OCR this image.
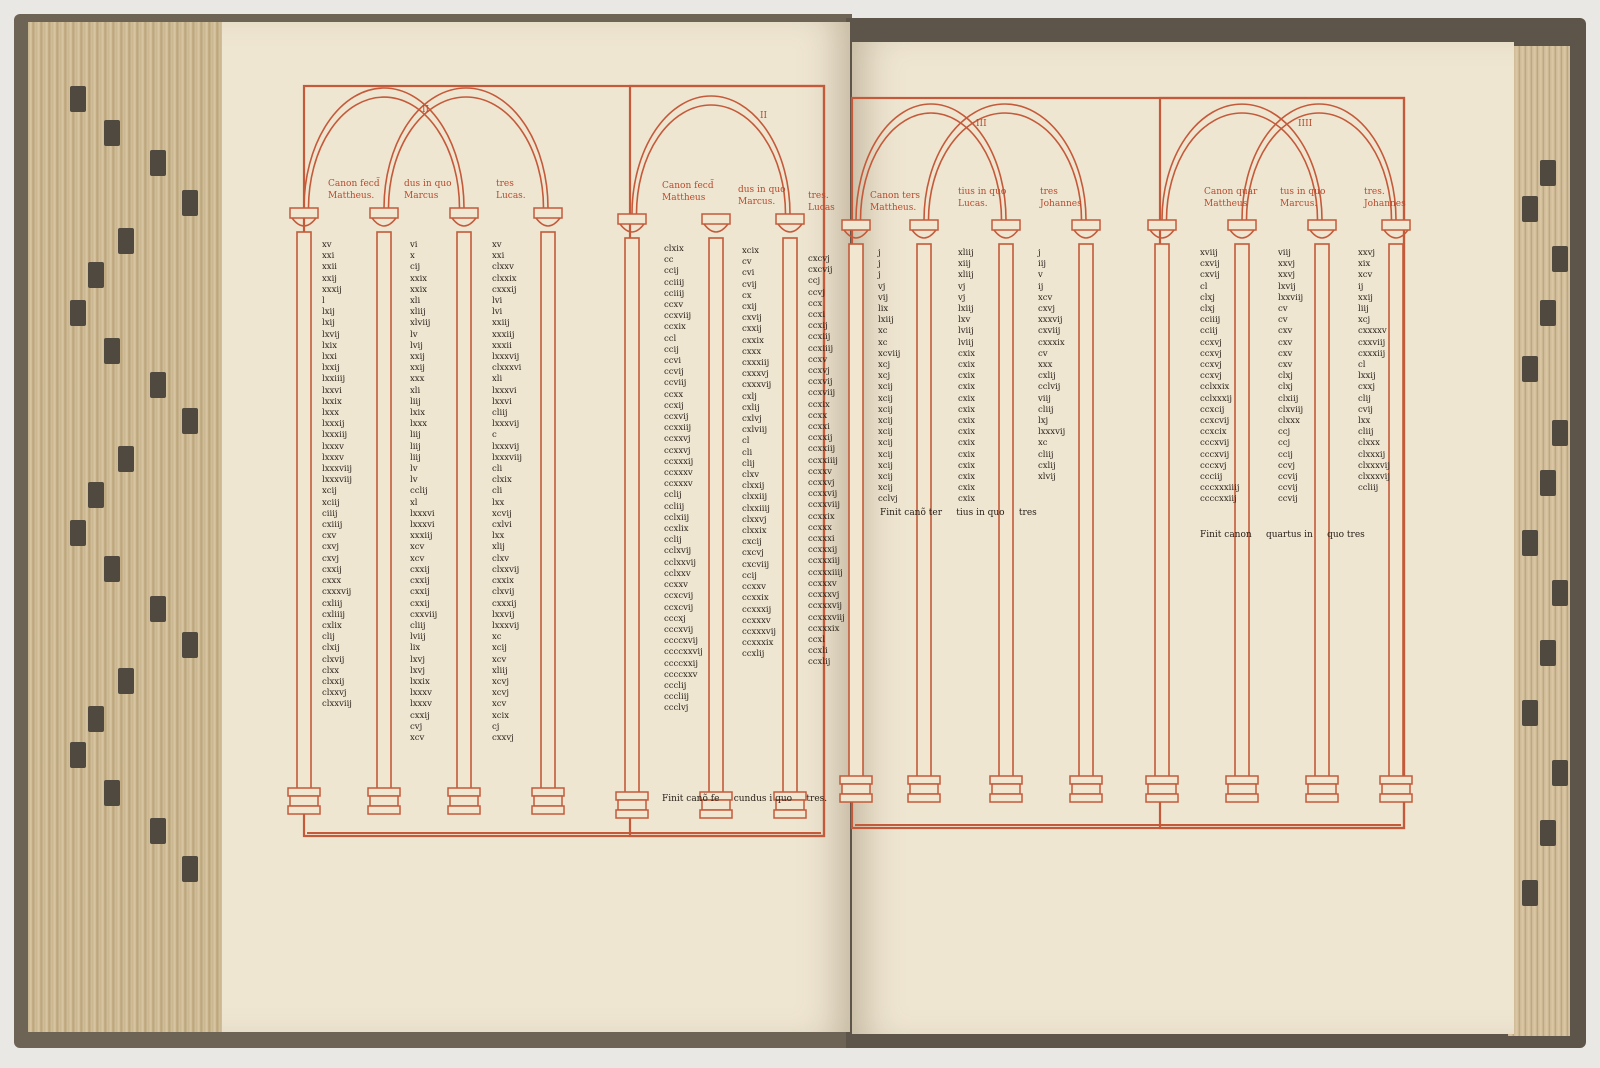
II
Canon fecd̃
Mattheus.
dus in quo
Marcus
tres
Lucas.
II
Canon fecd̃
Mattheus
dus in quo
Marcus.
tres.
Lucas
III
Canon ters
Mattheus.
tius in quo
Lucas.
tres
Johannes
IIII
Canon quar
Mattheus
tus in quo
Marcus.
tres.
Johannes
xv
xxi
xxii
xxij
xxxij
l
lxij
lxij
lxvij
lxix
lxxi
lxxij
lxxiiij
lxxvi
lxxix
lxxx
lxxxij
lxxxiij
lxxxv
lxxxv
lxxxviij
lxxxviij
xcij
xciij
ciiij
cxiiij
cxv
cxvj
cxvj
cxxij
cxxx
cxxxvij
cxliij
cxliiij
cxlix
clij
clxij
clxvij
clxx
clxxij
clxxvj
clxxviij
vi
x
cij
xxix
xxix
xli
xliij
xlviij
lv
lvij
xxij
xxij
xxx
xli
liij
lxix
lxxx
liij
liij
liij
lv
lv
cclij
xl
lxxxvi
lxxxvi
xxxiij
xcv
xcv
cxxij
cxxij
cxxij
cxxij
cxxviij
cliij
lviij
lix
lxvj
lxvj
lxxix
lxxxv
lxxxv
cxxij
cvj
xcv
xv
xxi
clxxv
clxxix
cxxxij
lvi
lvi
xxiij
xxxiij
xxxii
lxxxvij
clxxxvi
xli
lxxxvi
lxxvi
cliij
lxxxvij
c
lxxxvij
lxxxviij
cli
clxix
cli
lxx
xcvij
cxlvi
lxx
xlij
clxv
clxxvij
cxxix
clxvij
cxxxij
lxxvij
lxxxvij
xc
xcij
xcv
xliij
xcvj
xcvj
xcv
xcix
cj
cxxvj
clxix
cc
ccij
cciiij
cciiij
ccxv
ccxviij
ccxix
ccl
ccij
ccvi
ccvij
ccviij
ccxx
ccxij
ccxvij
ccxxiij
ccxxvj
ccxxvj
ccxxxij
ccxxxv
ccxxxv
cclij
ccliij
cclxiij
ccxlix
cclij
cclxvij
cclxxvij
cclxxv
ccxxv
ccxcvij
ccxcvij
cccxj
cccxvij
ccccxvij
ccccxxvij
ccccxxij
ccccxxv
ccclij
cccliij
ccclvj
xcix
cv
cvi
cvij
cx
cxij
cxvij
cxxij
cxxix
cxxx
cxxxiij
cxxxvj
cxxxvij
cxlj
cxlij
cxlvj
cxlviij
cl
cli
clij
clxv
clxxij
clxxiij
clxxiiij
clxxvj
clxxix
cxcij
cxcvj
cxcviij
ccij
ccxxv
ccxxix
ccxxxij
ccxxxv
ccxxxvij
ccxxxix
ccxlij
cxcvj
cxcvij
ccj
ccvj
ccx
ccxi
ccxij
ccxiij
ccxiiij
ccxv
ccxvj
ccxvij
ccxviij
ccxix
ccxx
ccxxi
ccxxij
ccxxiij
ccxxiiij
ccxxv
ccxxvj
ccxxvij
ccxxviij
ccxxix
ccxxx
ccxxxi
ccxxxij
ccxxxiij
ccxxxiiij
ccxxxv
ccxxxvj
ccxxxvij
ccxxxviij
ccxxxix
ccxl
ccxli
ccxlij
Finit canõ fe     cundus i quo     tres.
j
j
j
vj
vij
lix
lxiij
xc
xc
xcviij
xcj
xcj
xcij
xcij
xcij
xcij
xcij
xcij
xcij
xcij
xcij
xcij
cclvj
xliij
xiij
xliij
vj
vj
lxiij
lxv
lviij
lviij
cxix
cxix
cxix
cxix
cxix
cxix
cxix
cxix
cxix
cxix
cxix
cxix
cxix
cxix
j
iij
v
ij
xcv
cxvj
xxxvij
cxviij
cxxxix
cv
xxx
cxlij
cclvij
viij
cliij
lxj
lxxxvij
xc
cliij
cxlij
xlvij
Finit canõ ter     tius in quo     tres
xviij
cxvij
cxvij
cl
clxj
clxj
cciiij
cciij
ccxvj
ccxvj
ccxvj
ccxvj
cclxxix
cclxxxij
ccxcij
ccxcvij
ccxcix
cccxvij
cccxvij
cccxvj
ccciij
cccxxxiiij
ccccxxiij
viij
xxvj
xxvj
lxvij
lxxviij
cv
cv
cxv
cxv
cxv
cxv
clxj
clxj
clxiij
clxviij
clxxx
ccj
ccj
ccij
ccvj
ccvij
ccvij
ccvij
xxvj
xix
xcv
ij
xxij
liij
xcj
cxxxxv
cxxviij
cxxxiij
cl
lxxij
cxxj
clij
cvij
lxx
cliij
clxxx
clxxxij
clxxxvij
clxxxvij
ccliij
Finit canon     quartus in     quo tres
